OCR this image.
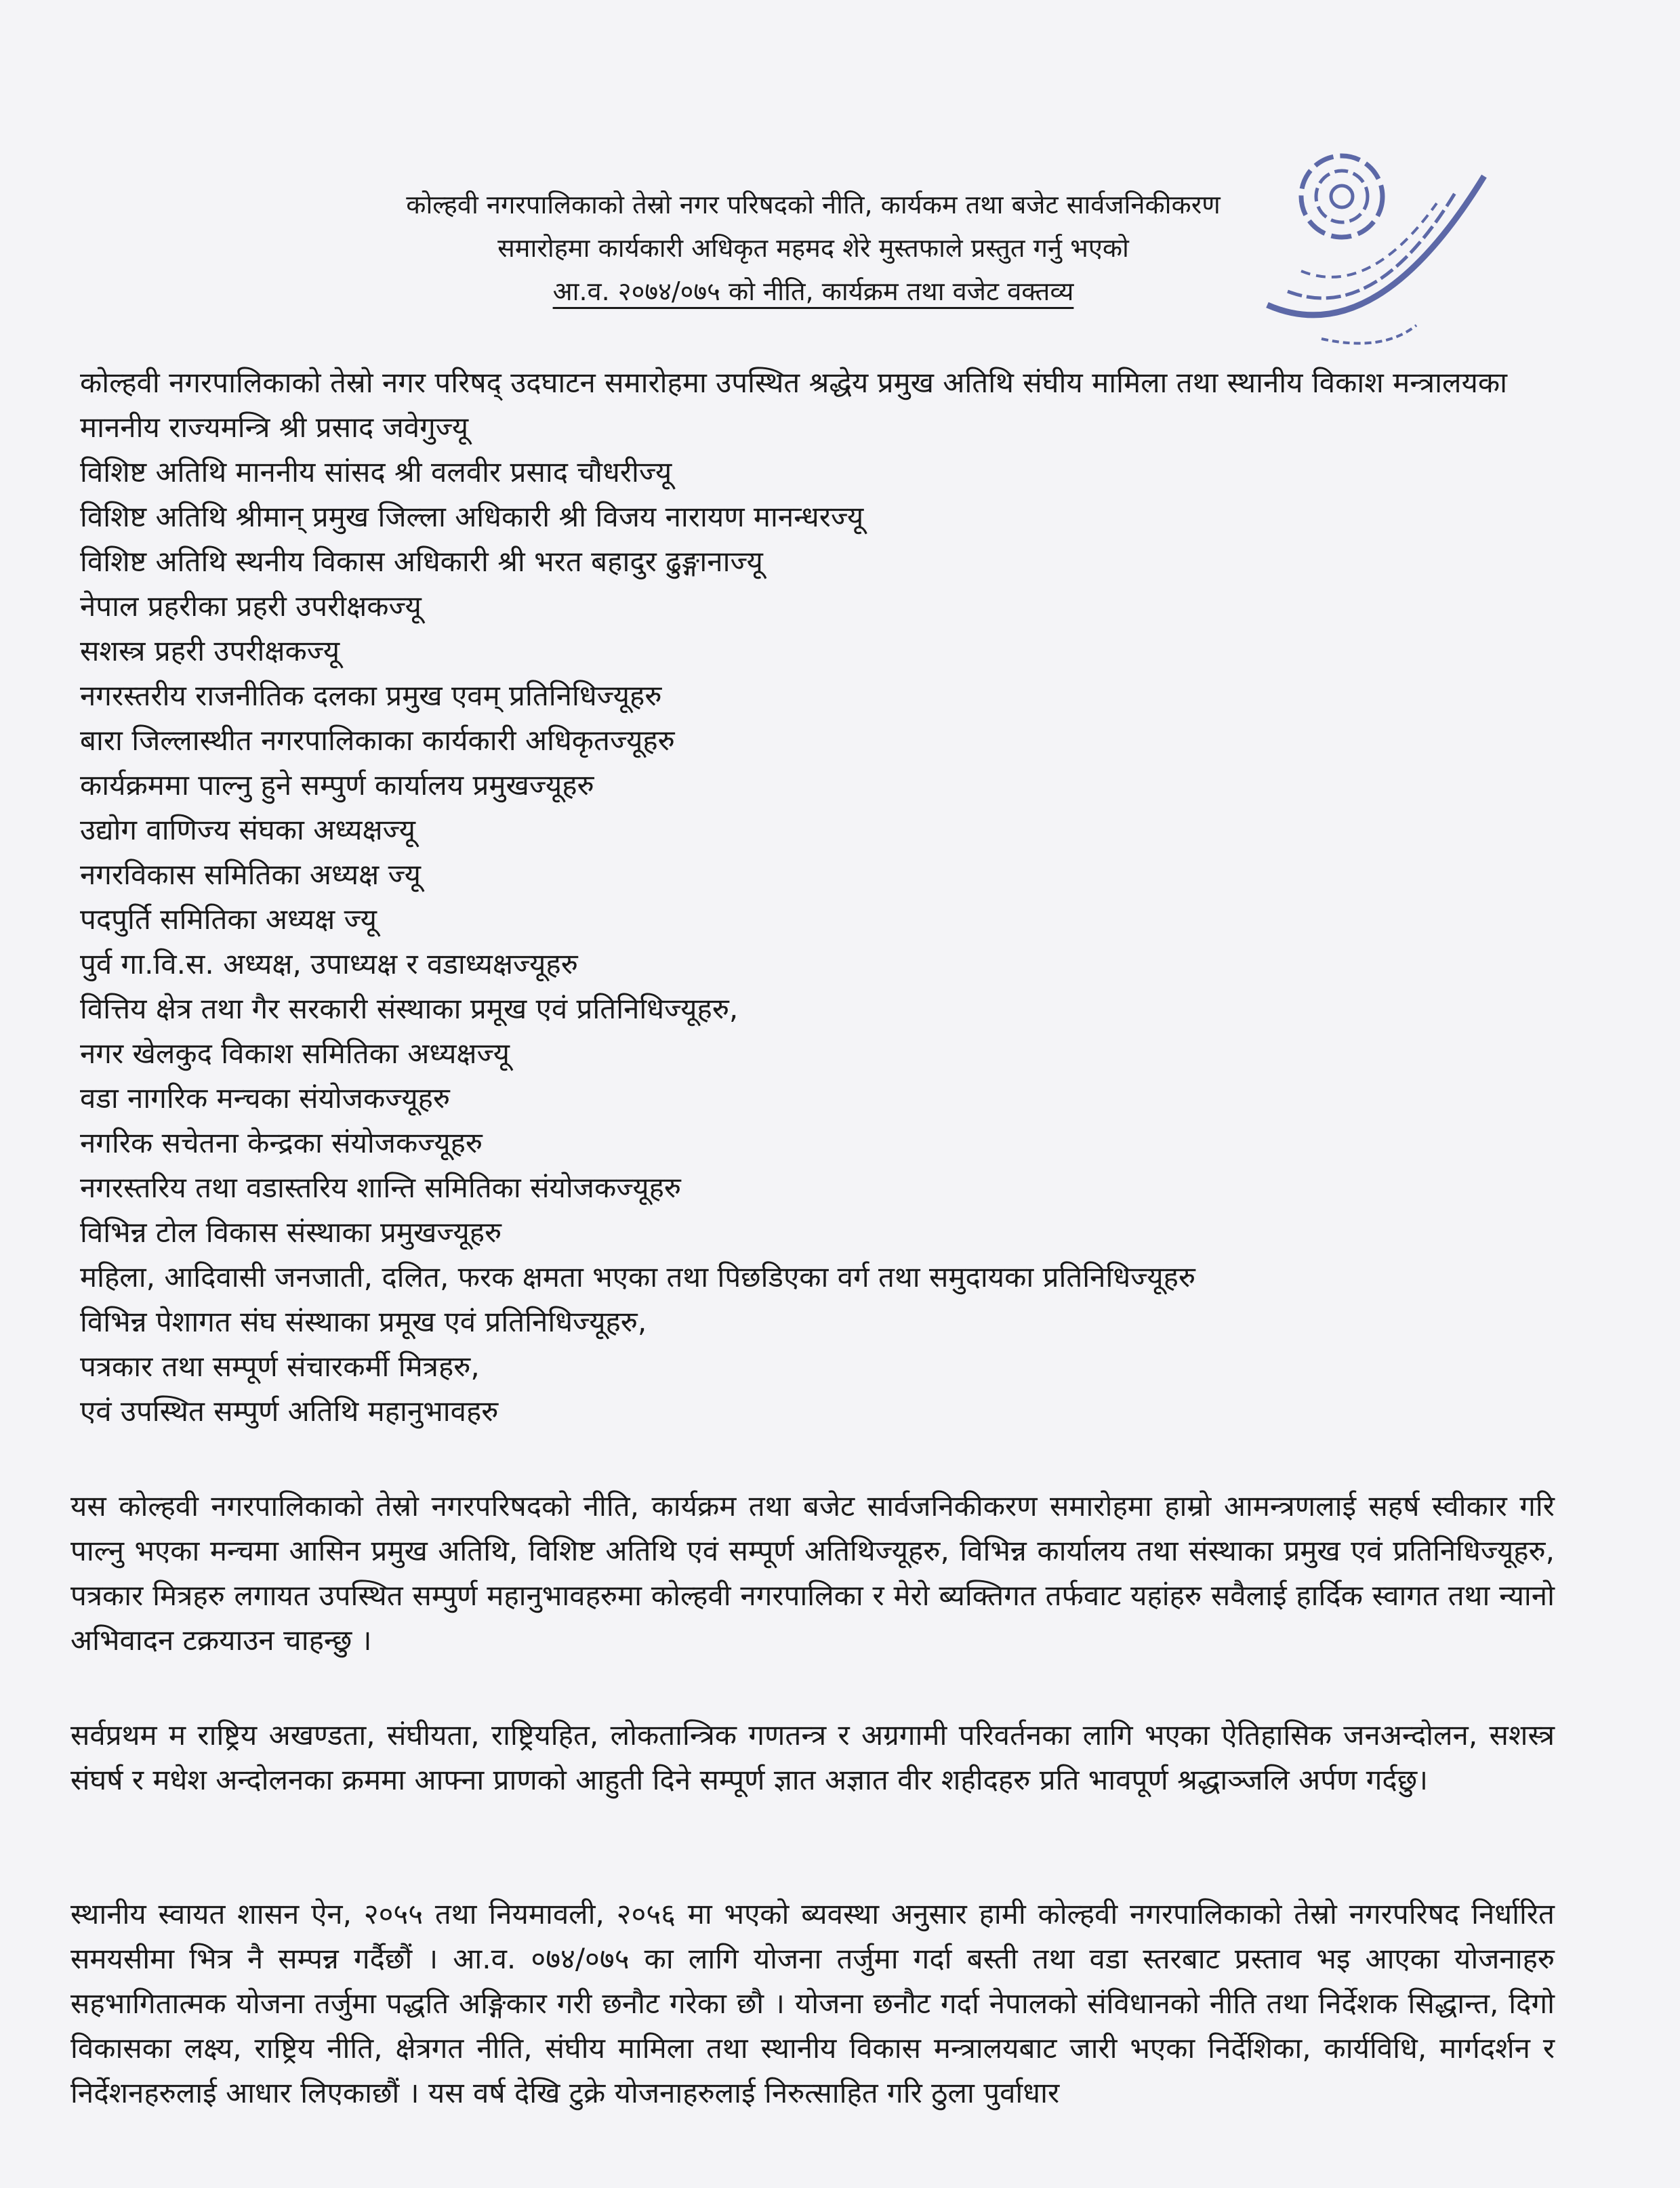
कोल्हवी नगरपालिकाको तेस्रो नगर परिषदको नीति, कार्यकम तथा बजेट सार्वजनिकीकरण
समारोहमा कार्यकारी अधिकृत महमद शेरे मुस्तफाले प्रस्तुत गर्नु भएको
आ.व. २०७४/०७५ को नीति, कार्यक्रम तथा वजेट वक्तव्य
कोल्हवी नगरपालिकाको तेस्रो नगर परिषद् उदघाटन समारोहमा उपस्थित श्रद्धेय प्रमुख अतिथि संघीय मामिला तथा स्थानीय विकाश मन्त्रालयका माननीय राज्यमन्त्रि श्री प्रसाद जवेगुज्यू
विशिष्ट अतिथि माननीय सांसद श्री वलवीर प्रसाद चौधरीज्यू
विशिष्ट अतिथि श्रीमान् प्रमुख जिल्ला अधिकारी श्री विजय नारायण मानन्धरज्यू
विशिष्ट अतिथि स्थनीय विकास अधिकारी श्री भरत बहादुर ढुङ्गानाज्यू
नेपाल प्रहरीका प्रहरी उपरीक्षकज्यू
सशस्त्र प्रहरी उपरीक्षकज्यू
नगरस्तरीय राजनीतिक दलका प्रमुख एवम् प्रतिनिधिज्यूहरु
बारा जिल्लास्थीत नगरपालिकाका कार्यकारी अधिकृतज्यूहरु
कार्यक्रममा पाल्नु हुने सम्पुर्ण कार्यालय प्रमुखज्यूहरु
उद्योग वाणिज्य संघका अध्यक्षज्यू
नगरविकास समितिका अध्यक्ष ज्यू
पदपुर्ति समितिका अध्यक्ष ज्यू
पुर्व गा.वि.स. अध्यक्ष, उपाध्यक्ष र वडाध्यक्षज्यूहरु
वित्तिय क्षेत्र तथा गैर सरकारी संस्थाका प्रमूख एवं प्रतिनिधिज्यूहरु,
नगर खेलकुद विकाश समितिका अध्यक्षज्यू
वडा नागरिक मन्चका संयोजकज्यूहरु
नगरिक सचेतना केन्द्रका संयोजकज्यूहरु
नगरस्तरिय तथा वडास्तरिय शान्ति समितिका संयोजकज्यूहरु
विभिन्न टोल विकास संस्थाका प्रमुखज्यूहरु
महिला, आदिवासी जनजाती, दलित, फरक क्षमता भएका तथा पिछडिएका वर्ग तथा समुदायका प्रतिनिधिज्यूहरु
विभिन्न पेशागत संघ संस्थाका प्रमूख एवं प्रतिनिधिज्यूहरु,
पत्रकार तथा सम्पूर्ण संचारकर्मी मित्रहरु,
एवं उपस्थित सम्पुर्ण अतिथि महानुभावहरु
यस कोल्हवी नगरपालिकाको तेस्रो नगरपरिषदको नीति, कार्यक्रम तथा बजेट सार्वजनिकीकरण समारोहमा हाम्रो आमन्त्रणलाई सहर्ष स्वीकार गरि पाल्नु भएका मन्चमा आसिन प्रमुख अतिथि, विशिष्ट अतिथि एवं सम्पूर्ण अतिथिज्यूहरु, विभिन्न कार्यालय तथा संस्थाका प्रमुख एवं प्रतिनिधिज्यूहरु, पत्रकार मित्रहरु लगायत उपस्थित सम्पुर्ण महानुभावहरुमा कोल्हवी नगरपालिका र मेरो ब्यक्तिगत तर्फवाट यहांहरु सवैलाई हार्दिक स्वागत तथा न्यानो अभिवादन टक्रयाउन चाहन्छु ।
सर्वप्रथम म राष्ट्रिय अखण्डता, संघीयता, राष्ट्रियहित, लोकतान्त्रिक गणतन्त्र र अग्रगामी परिवर्तनका लागि भएका ऐतिहासिक जनअन्दोलन, सशस्त्र संघर्ष र मधेश अन्दोलनका क्रममा आफ्ना प्राणको आहुती दिने सम्पूर्ण ज्ञात अज्ञात वीर शहीदहरु प्रति भावपूर्ण श्रद्धाञ्जलि अर्पण गर्दछु।
स्थानीय स्वायत शासन ऐन, २०५५ तथा नियमावली, २०५६ मा भएको ब्यवस्था अनुसार हामी कोल्हवी नगरपालिकाको तेस्रो नगरपरिषद निर्धारित समयसीमा भित्र नै सम्पन्न गर्दैछौं । आ.व. ०७४/०७५ का लागि योजना तर्जुमा गर्दा बस्ती तथा वडा स्तरबाट प्रस्ताव भइ आएका योजनाहरु सहभागितात्मक योजना तर्जुमा पद्धति अङ्गिकार गरी छनौट गरेका छौ । योजना छनौट गर्दा नेपालको संविधानको नीति तथा निर्देशक सिद्धान्त, दिगो विकासका लक्ष्य, राष्ट्रिय नीति, क्षेत्रगत नीति, संघीय मामिला तथा स्थानीय विकास मन्त्रालयबाट जारी भएका निर्देशिका, कार्यविधि, मार्गदर्शन र निर्देशनहरुलाई आधार लिएकाछौं । यस वर्ष देखि टुक्रे योजनाहरुलाई निरुत्साहित गरि ठुला पुर्वाधार
